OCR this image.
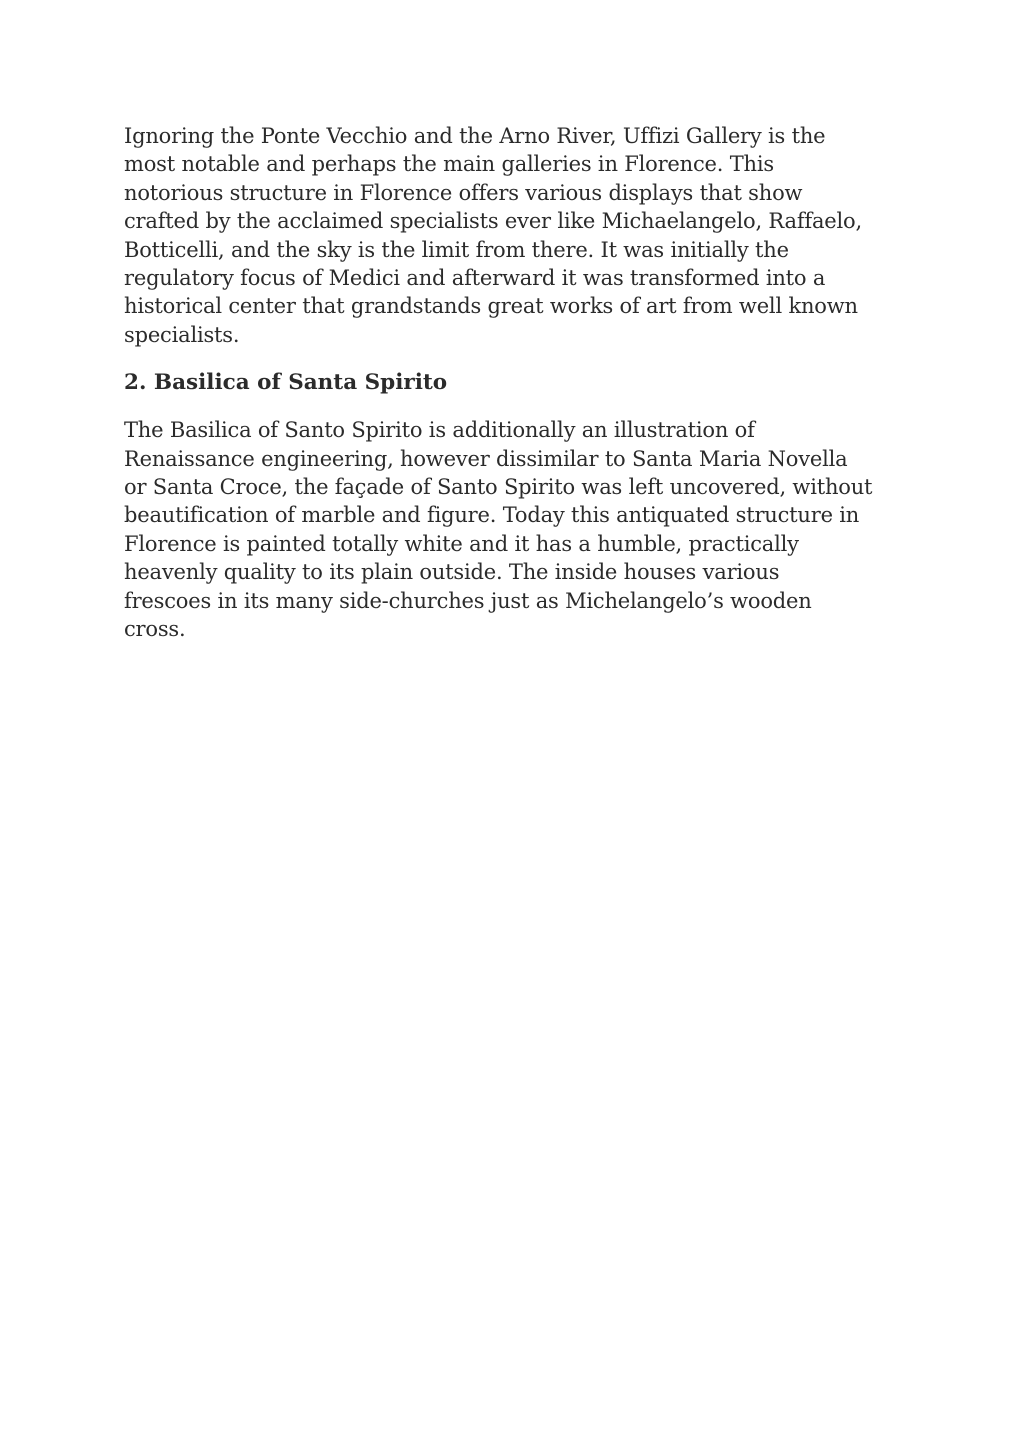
Ignoring the Ponte Vecchio and the Arno River, Uffizi Gallery is the
most notable and perhaps the main galleries in Florence. This
notorious structure in Florence offers various displays that show
crafted by the acclaimed specialists ever like Michaelangelo, Raffaelo,
Botticelli, and the sky is the limit from there. It was initially the
regulatory focus of Medici and afterward it was transformed into a
historical center that grandstands great works of art from well known
specialists.

2. Basilica of Santa Spirito

The Basilica of Santo Spirito is additionally an illustration of
Renaissance engineering, however dissimilar to Santa Maria Novella
or Santa Croce, the façade of Santo Spirito was left uncovered, without
beautification of marble and figure. Today this antiquated structure in
Florence is painted totally white and it has a humble, practically
heavenly quality to its plain outside. The inside houses various
frescoes in its many side-churches just as Michelangelo’s wooden
cross.
